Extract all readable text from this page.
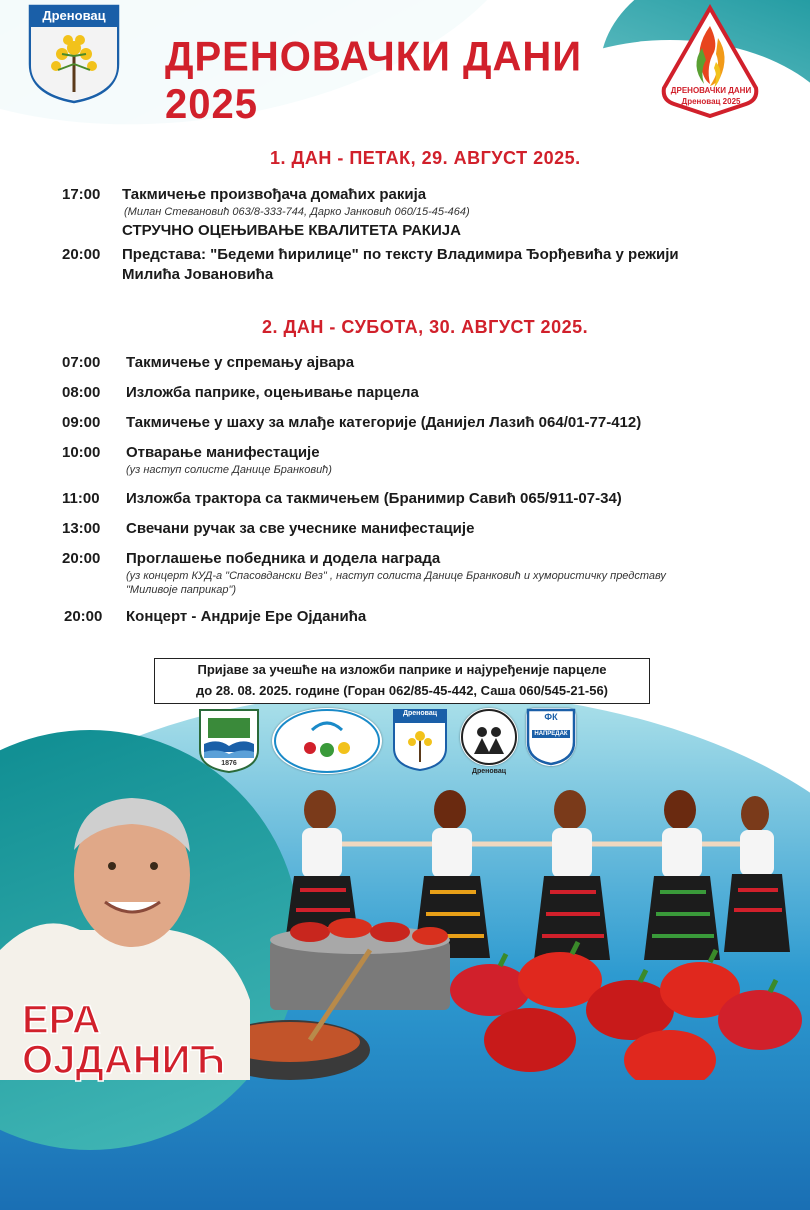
Дреновац
ДРЕНОВАЧКИ ДАНИ 2025	ДРЕНОВАЧКИ ДАНИ
Дреновац 2025
1. ДАН - ПЕТАК, 29. АВГУСТ 2025.
17:00 Такмичење произвођача домаћих ракија
(Милан Стевановић 063/8-333-744, Дарко Јанковић 060/15-45-464)
СТРУЧНО ОЦЕЊИВАЊЕ КВАЛИТЕТА РАКИЈА
20:00 Представа: "Бедеми ћирилице" по тексту Владимира Ђорђевића у режији
Милића Јовановића
2. ДАН - СУБОТА, 30. АВГУСТ 2025.
07:00 Такмичење у спремању ајвара
08:00 Изложба паприке, оцењивање парцела
09:00 Такмичење у шаху за млађе категорије (Данијел Лазић 064/01-77-412)
10:00 Отварање манифестације
(уз наступ солисте Данице Бранковић)
11:00 Изложба трактора са такмичењем (Бранимир Савић 065/911-07-34)
13:00 Свечани ручак за све учеснике манифестације
20:00 Проглашење победника и додела награда
(уз концерт КУД-а "Спасовдански Вез" , наступ солиста Данице Бранковић и хумористичку представу
"Миливоје паприкар")
20:00 Концерт - Андрије Ере Ојданића
Пријаве за учешће на изложби паприке и најуређеније парцеле
до 28. 08. 2025. године (Горан 062/85-45-442, Саша 060/545-21-56)
1876
Дреновац
Дреновац
ФК
НАПРЕДАК
ЕРА
ОЈДАНИЋ
